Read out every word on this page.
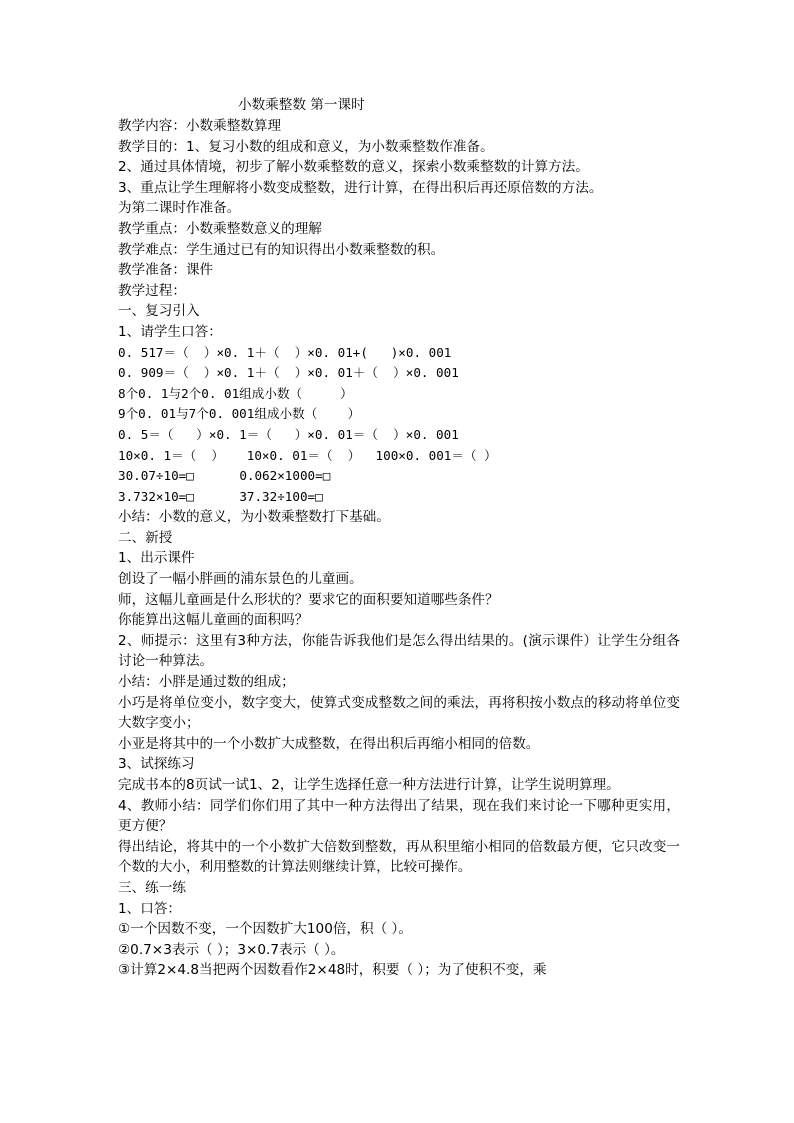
小数乘整数 第一课时
教学内容：小数乘整数算理
教学目的：1、复习小数的组成和意义，为小数乘整数作准备。
2、通过具体情境，初步了解小数乘整数的意义，探索小数乘整数的计算方法。
3、重点让学生理解将小数变成整数，进行计算，在得出积后再还原倍数的方法。
为第二课时作准备。
教学重点：小数乘整数意义的理解
教学难点：学生通过已有的知识得出小数乘整数的积。
教学准备：课件
教学过程：
一、复习引入
1、请学生口答：
0. 517＝（  ）×0. 1＋（  ）×0. 01+(   )×0. 001
0. 909＝（  ）×0. 1＋（  ）×0. 01＋（  ）×0. 001
8个0. 1与2个0. 01组成小数（     ）
9个0. 01与7个0. 001组成小数（    ）
0. 5＝（   ）×0. 1＝（   ）×0. 01＝（  ）×0. 001
10×0. 1＝（  ）   10×0. 01＝（  ）  100×0. 001＝（ ）
30.07÷10=□      0.062×1000=□
3.732×10=□      37.32÷100=□
小结：小数的意义，为小数乘整数打下基础。
二、新授
1、出示课件
创设了一幅小胖画的浦东景色的儿童画。
师，这幅儿童画是什么形状的？要求它的面积要知道哪些条件？
你能算出这幅儿童画的面积吗？
2、师提示：这里有3种方法，你能告诉我他们是怎么得出结果的。(演示课件）让学生分组各讨论一种算法。
小结：小胖是通过数的组成；
小巧是将单位变小，数字变大，使算式变成整数之间的乘法，再将积按小数点的移动将单位变大数字变小；
小亚是将其中的一个小数扩大成整数，在得出积后再缩小相同的倍数。
3、试探练习
完成书本的8页试一试1、2，让学生选择任意一种方法进行计算，让学生说明算理。
4、教师小结：同学们你们用了其中一种方法得出了结果，现在我们来讨论一下哪种更实用，更方便？
得出结论，将其中的一个小数扩大倍数到整数，再从积里缩小相同的倍数最方便，它只改变一个数的大小，利用整数的计算法则继续计算，比较可操作。
三、练一练
1、口答：
①一个因数不变，一个因数扩大100倍，积（ ）。
②0.7×3表示（ ）；3×0.7表示（ ）。
③计算2×4.8当把两个因数看作2×48时，积要（ ）；为了使积不变，乘
